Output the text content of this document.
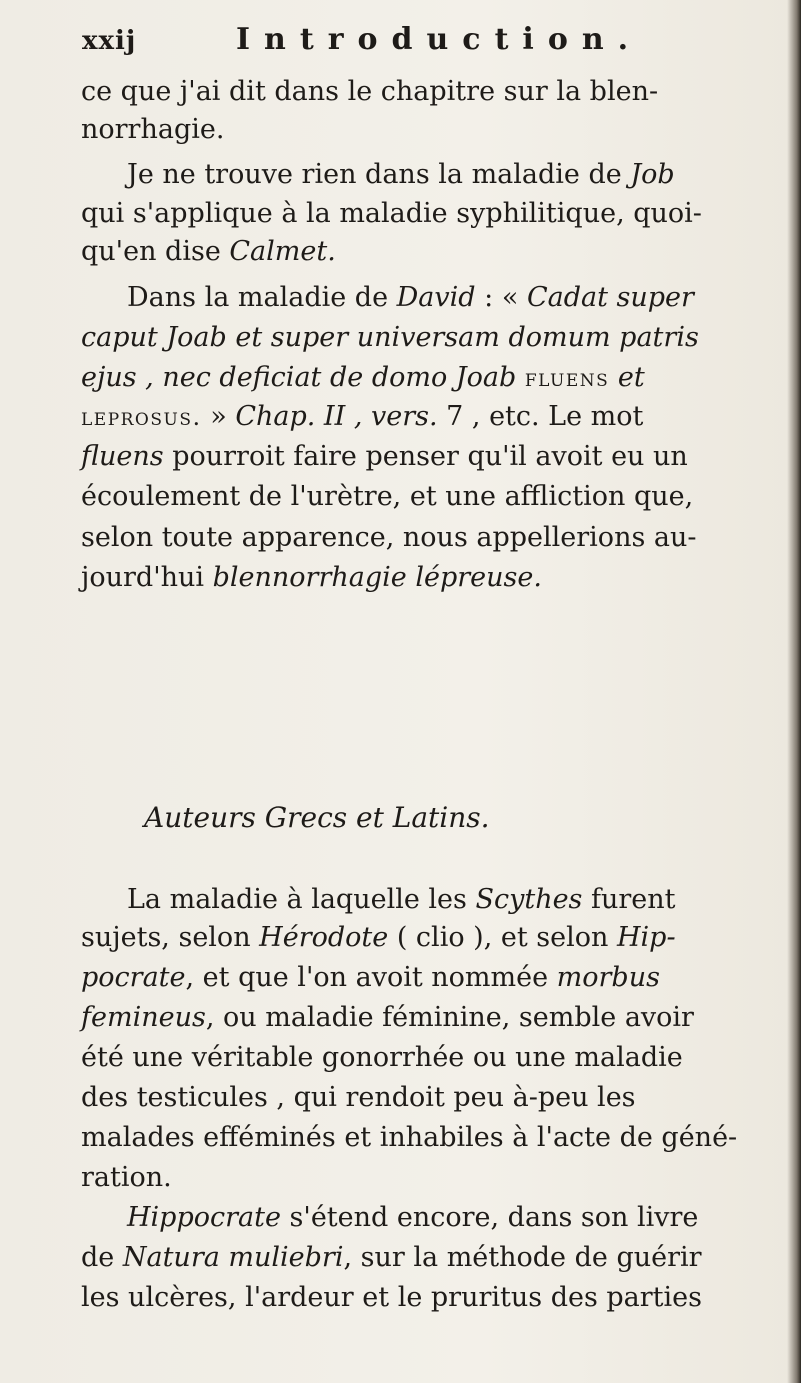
xxij	Introduction.
ce que j'ai dit dans le chapitre sur la blen-
norrhagie.
Je ne trouve rien dans la maladie de Job
qui s'applique à la maladie syphilitique, quoi-
qu'en dise Calmet.
Dans la maladie de David : « Cadat super
caput Joab et super universam domum patris
ejus , nec deficiat de domo Joab fluens et
leprosus. » Chap. II , vers. 7 , etc. Le mot
fluens pourroit faire penser qu'il avoit eu un
écoulement de l'urètre, et une affliction que,
selon toute apparence, nous appellerions au-
jourd'hui blennorrhagie lépreuse.
Auteurs Grecs et Latins.
La maladie à laquelle les Scythes furent
sujets, selon Hérodote ( clio ), et selon Hip-
pocrate, et que l'on avoit nommée morbus
femineus, ou maladie féminine, semble avoir
été une véritable gonorrhée ou une maladie
des testicules , qui rendoit peu à-peu les
malades efféminés et inhabiles à l'acte de géné-
ration.
Hippocrate s'étend encore, dans son livre
de Natura muliebri, sur la méthode de guérir
les ulcères, l'ardeur et le pruritus des parties
